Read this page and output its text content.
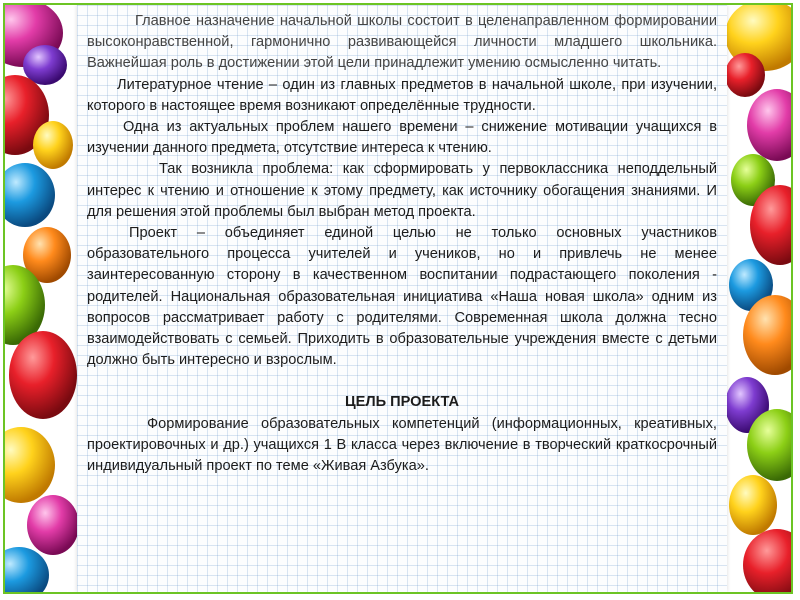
Главное назначение начальной школы состоит в целенаправленном формировании высоконравственной, гармонично развивающейся личности младшего школьника. Важнейшая роль в достижении этой цели принадлежит умению осмысленно читать.

Литературное чтение – один из главных предметов в начальной школе, при изучении, которого в настоящее время возникают определённые трудности.

Одна из актуальных проблем нашего времени – снижение мотивации учащихся в изучении данного предмета, отсутствие интереса к чтению.

Так возникла проблема: как сформировать у первоклассника неподдельный интерес к чтению и отношение к этому предмету, как источнику обогащения знаниями. И для решения этой проблемы был выбран метод проекта.

Проект – объединяет единой целью не только основных участников образовательного процесса учителей и учеников, но и привлечь не менее заинтересованную сторону в качественном воспитании подрастающего поколения - родителей. Национальная образовательная инициатива «Наша новая школа» одним из вопросов рассматривает работу с родителями. Современная школа должна тесно взаимодействовать с семьей. Приходить в образовательные учреждения вместе с детьми должно быть интересно и взрослым.

ЦЕЛЬ ПРОЕКТА

Формирование образовательных компетенций (информационных, креативных, проектировочных и др.) учащихся 1 В класса через включение в творческий краткосрочный индивидуальный проект по теме «Живая Азбука».
